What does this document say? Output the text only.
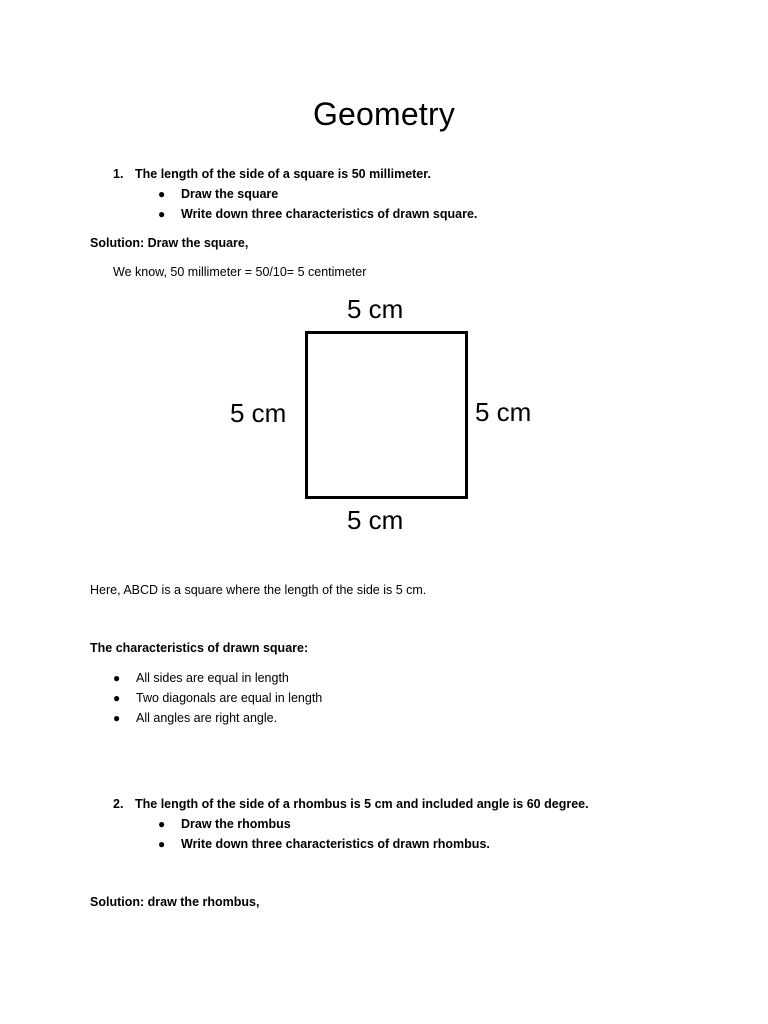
Geometry
1. The length of the side of a square is 50 millimeter.
● Draw the square
● Write down three characteristics of drawn square.
Solution: Draw the square,
We know, 50 millimeter = 50/10= 5 centimeter
5 cm
5 cm	5 cm
5 cm
Here, ABCD is a square where the length of the side is 5 cm.
The characteristics of drawn square:
● All sides are equal in length
● Two diagonals are equal in length
● All angles are right angle.
2. The length of the side of a rhombus is 5 cm and included angle is 60 degree.
● Draw the rhombus
● Write down three characteristics of drawn rhombus.
Solution: draw the rhombus,
